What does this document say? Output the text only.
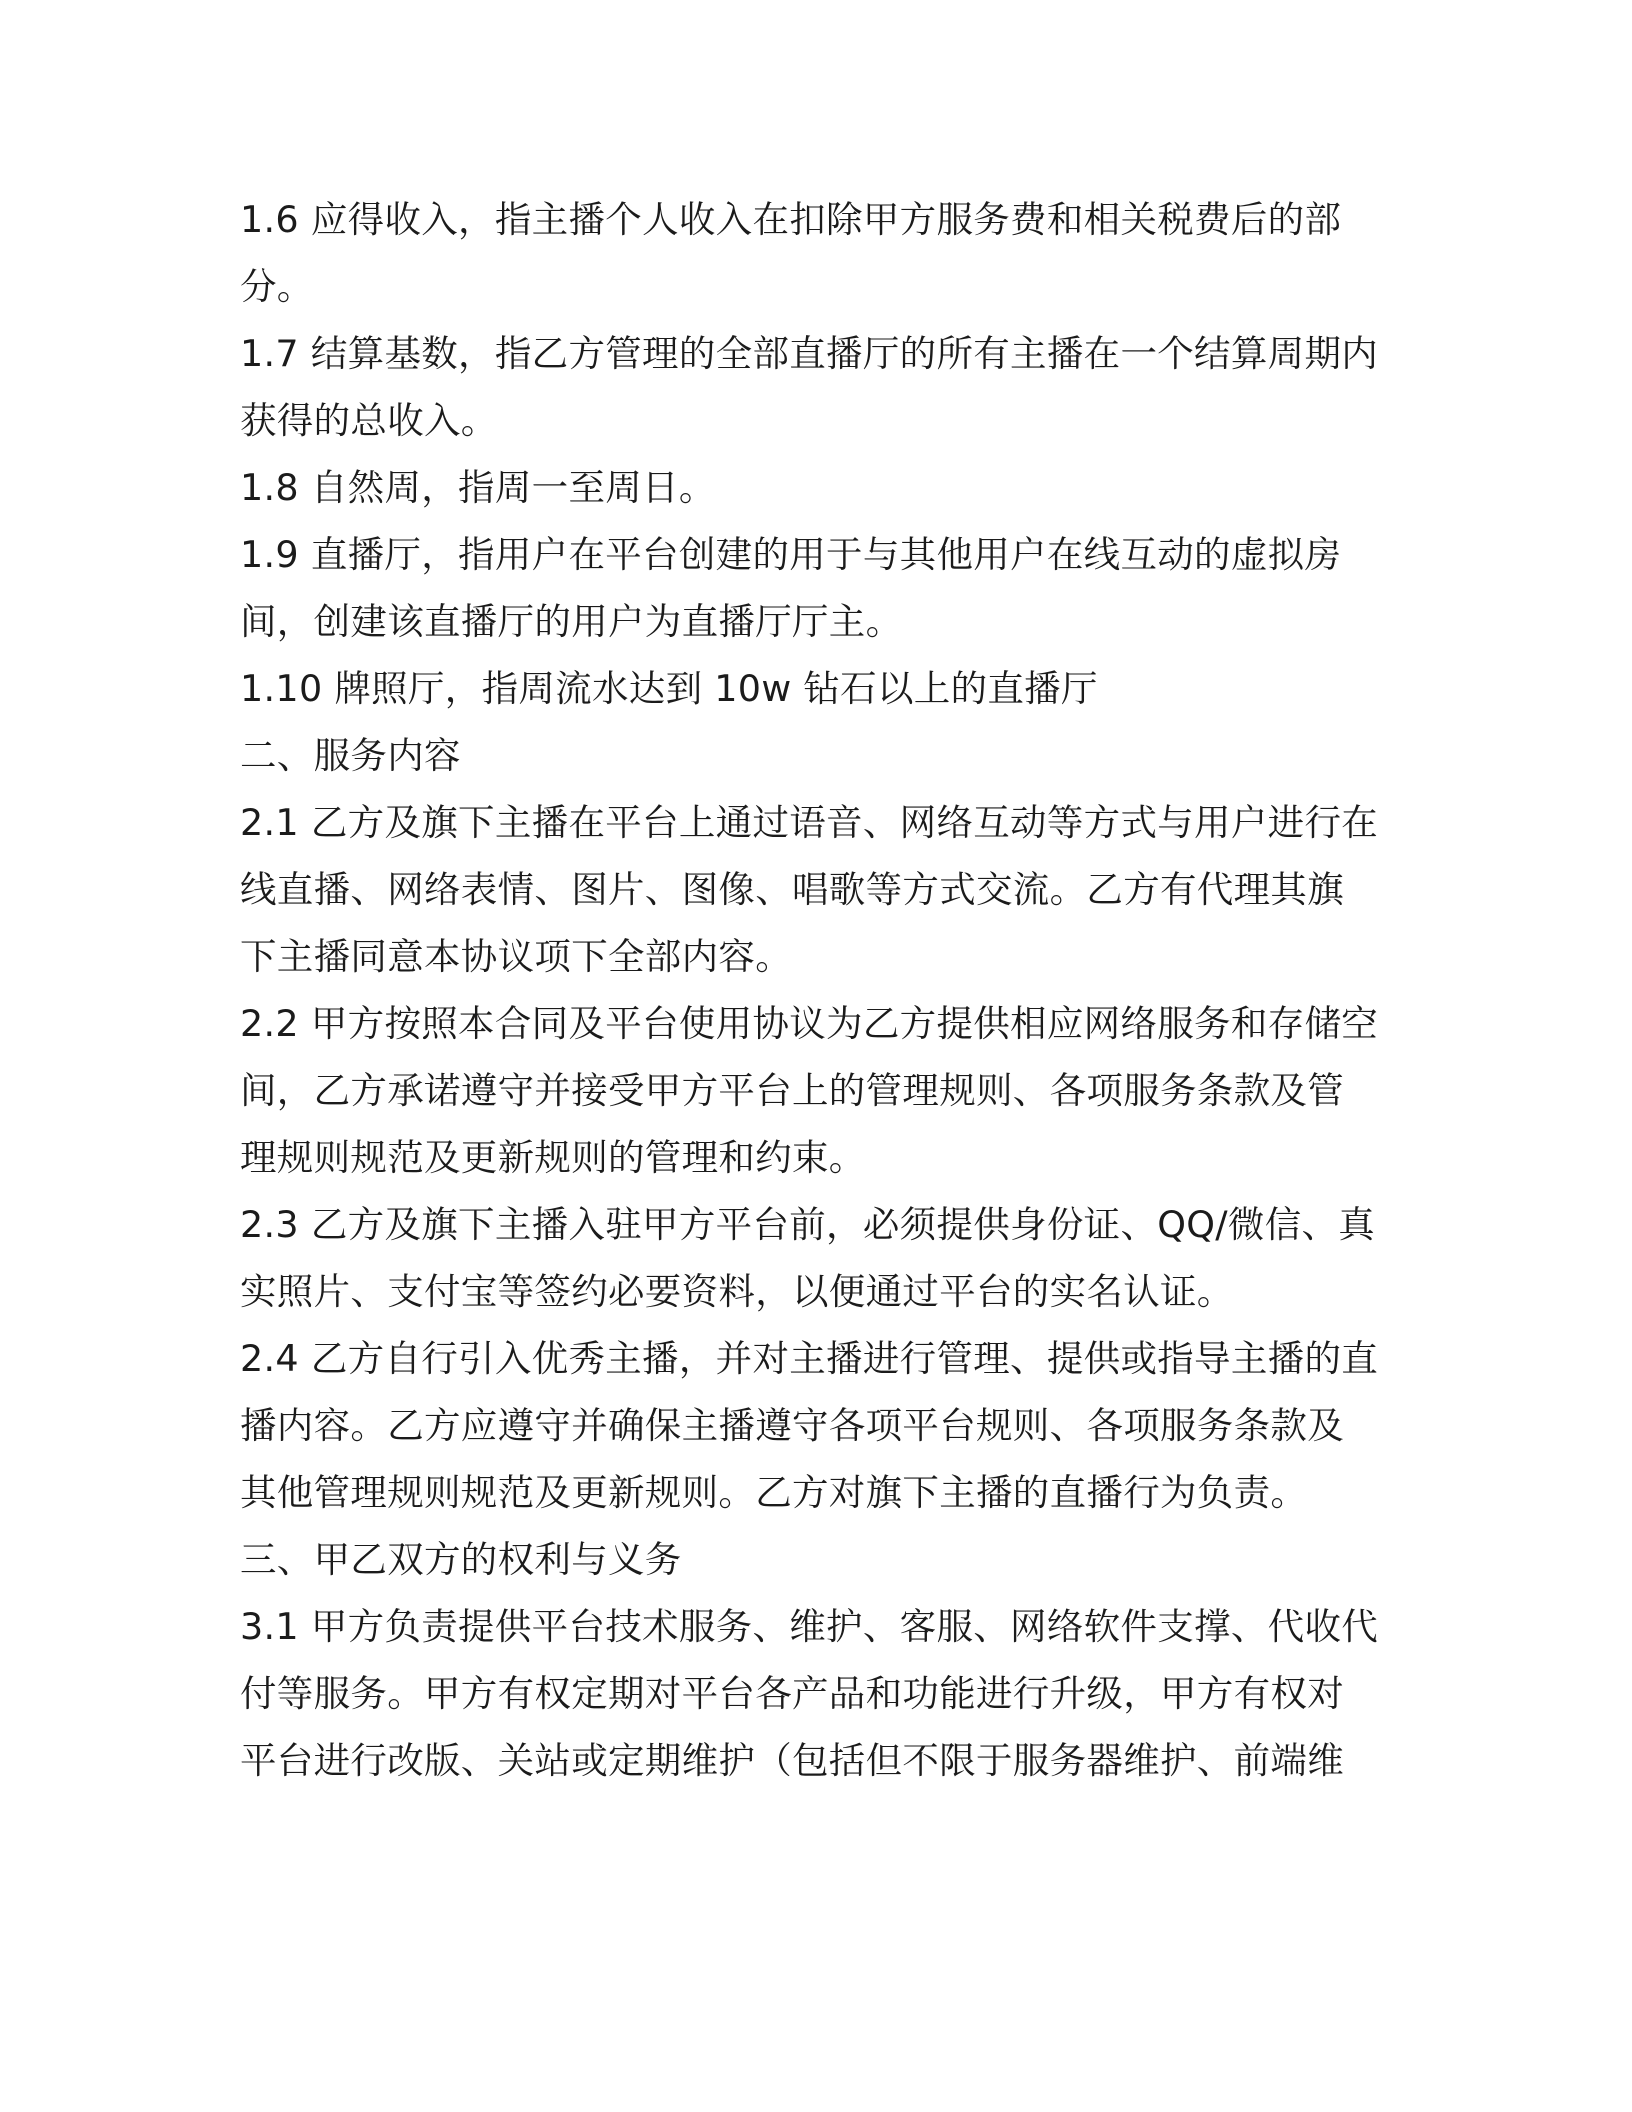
1.6 应得收入，指主播个人收入在扣除甲方服务费和相关税费后的部
分。
1.7 结算基数，指乙方管理的全部直播厅的所有主播在一个结算周期内
获得的总收入。
1.8 自然周，指周一至周日。
1.9 直播厅，指用户在平台创建的用于与其他用户在线互动的虚拟房
间，创建该直播厅的用户为直播厅厅主。
1.10 牌照厅，指周流水达到 10w 钻石以上的直播厅
二、服务内容
2.1 乙方及旗下主播在平台上通过语音、网络互动等方式与用户进行在
线直播、网络表情、图片、图像、唱歌等方式交流。乙方有代理其旗
下主播同意本协议项下全部内容。
2.2 甲方按照本合同及平台使用协议为乙方提供相应网络服务和存储空
间，乙方承诺遵守并接受甲方平台上的管理规则、各项服务条款及管
理规则规范及更新规则的管理和约束。
2.3 乙方及旗下主播入驻甲方平台前，必须提供身份证、QQ/微信、真
实照片、支付宝等签约必要资料，以便通过平台的实名认证。
2.4 乙方自行引入优秀主播，并对主播进行管理、提供或指导主播的直
播内容。乙方应遵守并确保主播遵守各项平台规则、各项服务条款及
其他管理规则规范及更新规则。乙方对旗下主播的直播行为负责。
三、甲乙双方的权利与义务
3.1 甲方负责提供平台技术服务、维护、客服、网络软件支撑、代收代
付等服务。甲方有权定期对平台各产品和功能进行升级，甲方有权对
平台进行改版、关站或定期维护（包括但不限于服务器维护、前端维
